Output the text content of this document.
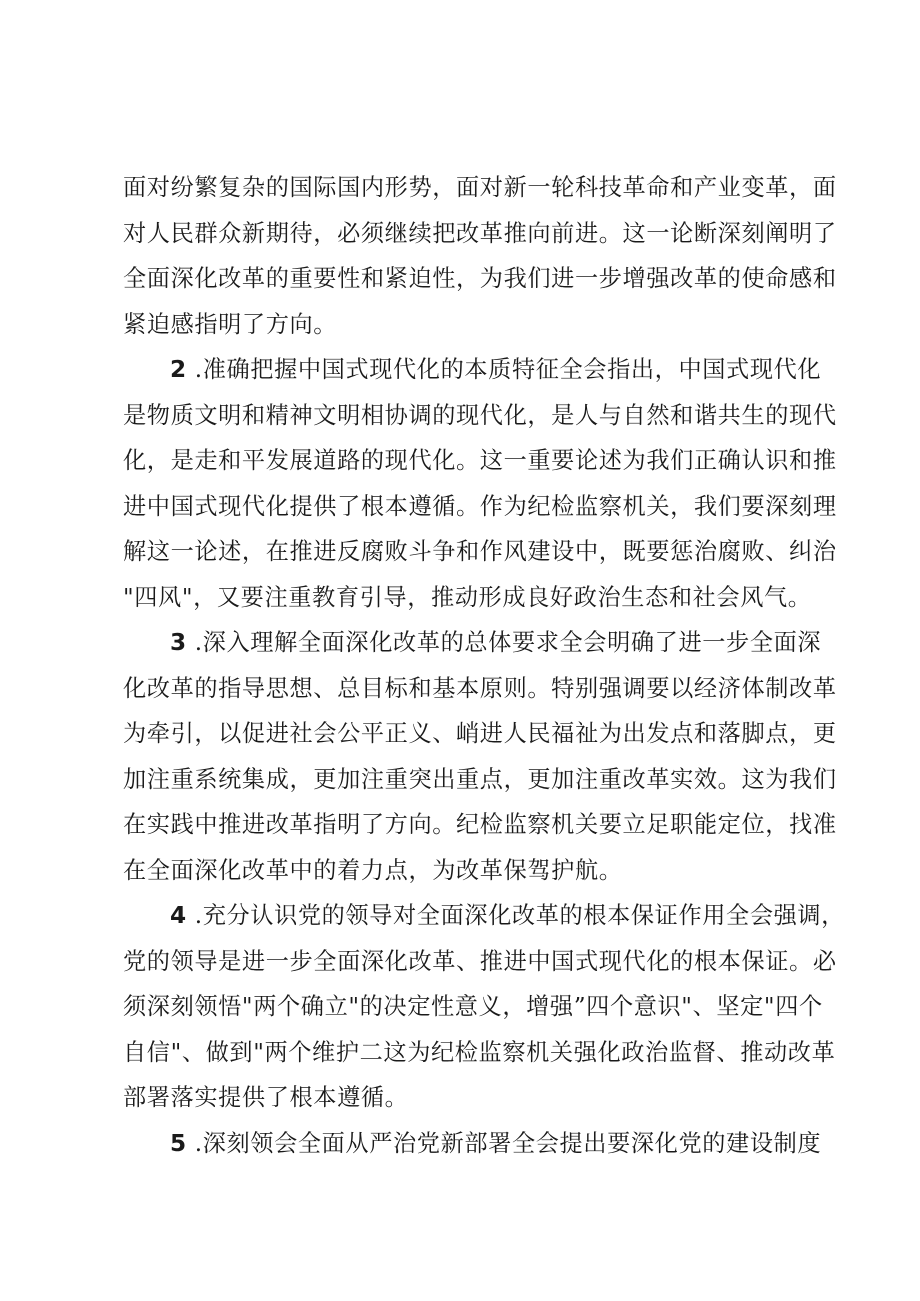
面对纷繁复杂的国际国内形势，面对新一轮科技革命和产业变革，面
对人民群众新期待，必须继续把改革推向前进。这一论断深刻阐明了
全面深化改革的重要性和紧迫性，为我们进一步增强改革的使命感和
紧迫感指明了方向。
2 .准确把握中国式现代化的本质特征全会指出，中国式现代化
是物质文明和精神文明相协调的现代化，是人与自然和谐共生的现代
化，是走和平发展道路的现代化。这一重要论述为我们正确认识和推
进中国式现代化提供了根本遵循。作为纪检监察机关，我们要深刻理
解这一论述，在推进反腐败斗争和作风建设中，既要惩治腐败、纠治
"四风"，又要注重教育引导，推动形成良好政治生态和社会风气。
3 .深入理解全面深化改革的总体要求全会明确了进一步全面深
化改革的指导思想、总目标和基本原则。特别强调要以经济体制改革
为牵引，以促进社会公平正义、峭进人民福祉为出发点和落脚点，更
加注重系统集成，更加注重突出重点，更加注重改革实效。这为我们
在实践中推进改革指明了方向。纪检监察机关要立足职能定位，找准
在全面深化改革中的着力点，为改革保驾护航。
4 .充分认识党的领导对全面深化改革的根本保证作用全会强调，
党的领导是进一步全面深化改革、推进中国式现代化的根本保证。必
须深刻领悟"两个确立"的决定性意义，增强”四个意识"、坚定"四个
自信"、做到"两个维护二这为纪检监察机关强化政治监督、推动改革
部署落实提供了根本遵循。
5 .深刻领会全面从严治党新部署全会提出要深化党的建设制度
